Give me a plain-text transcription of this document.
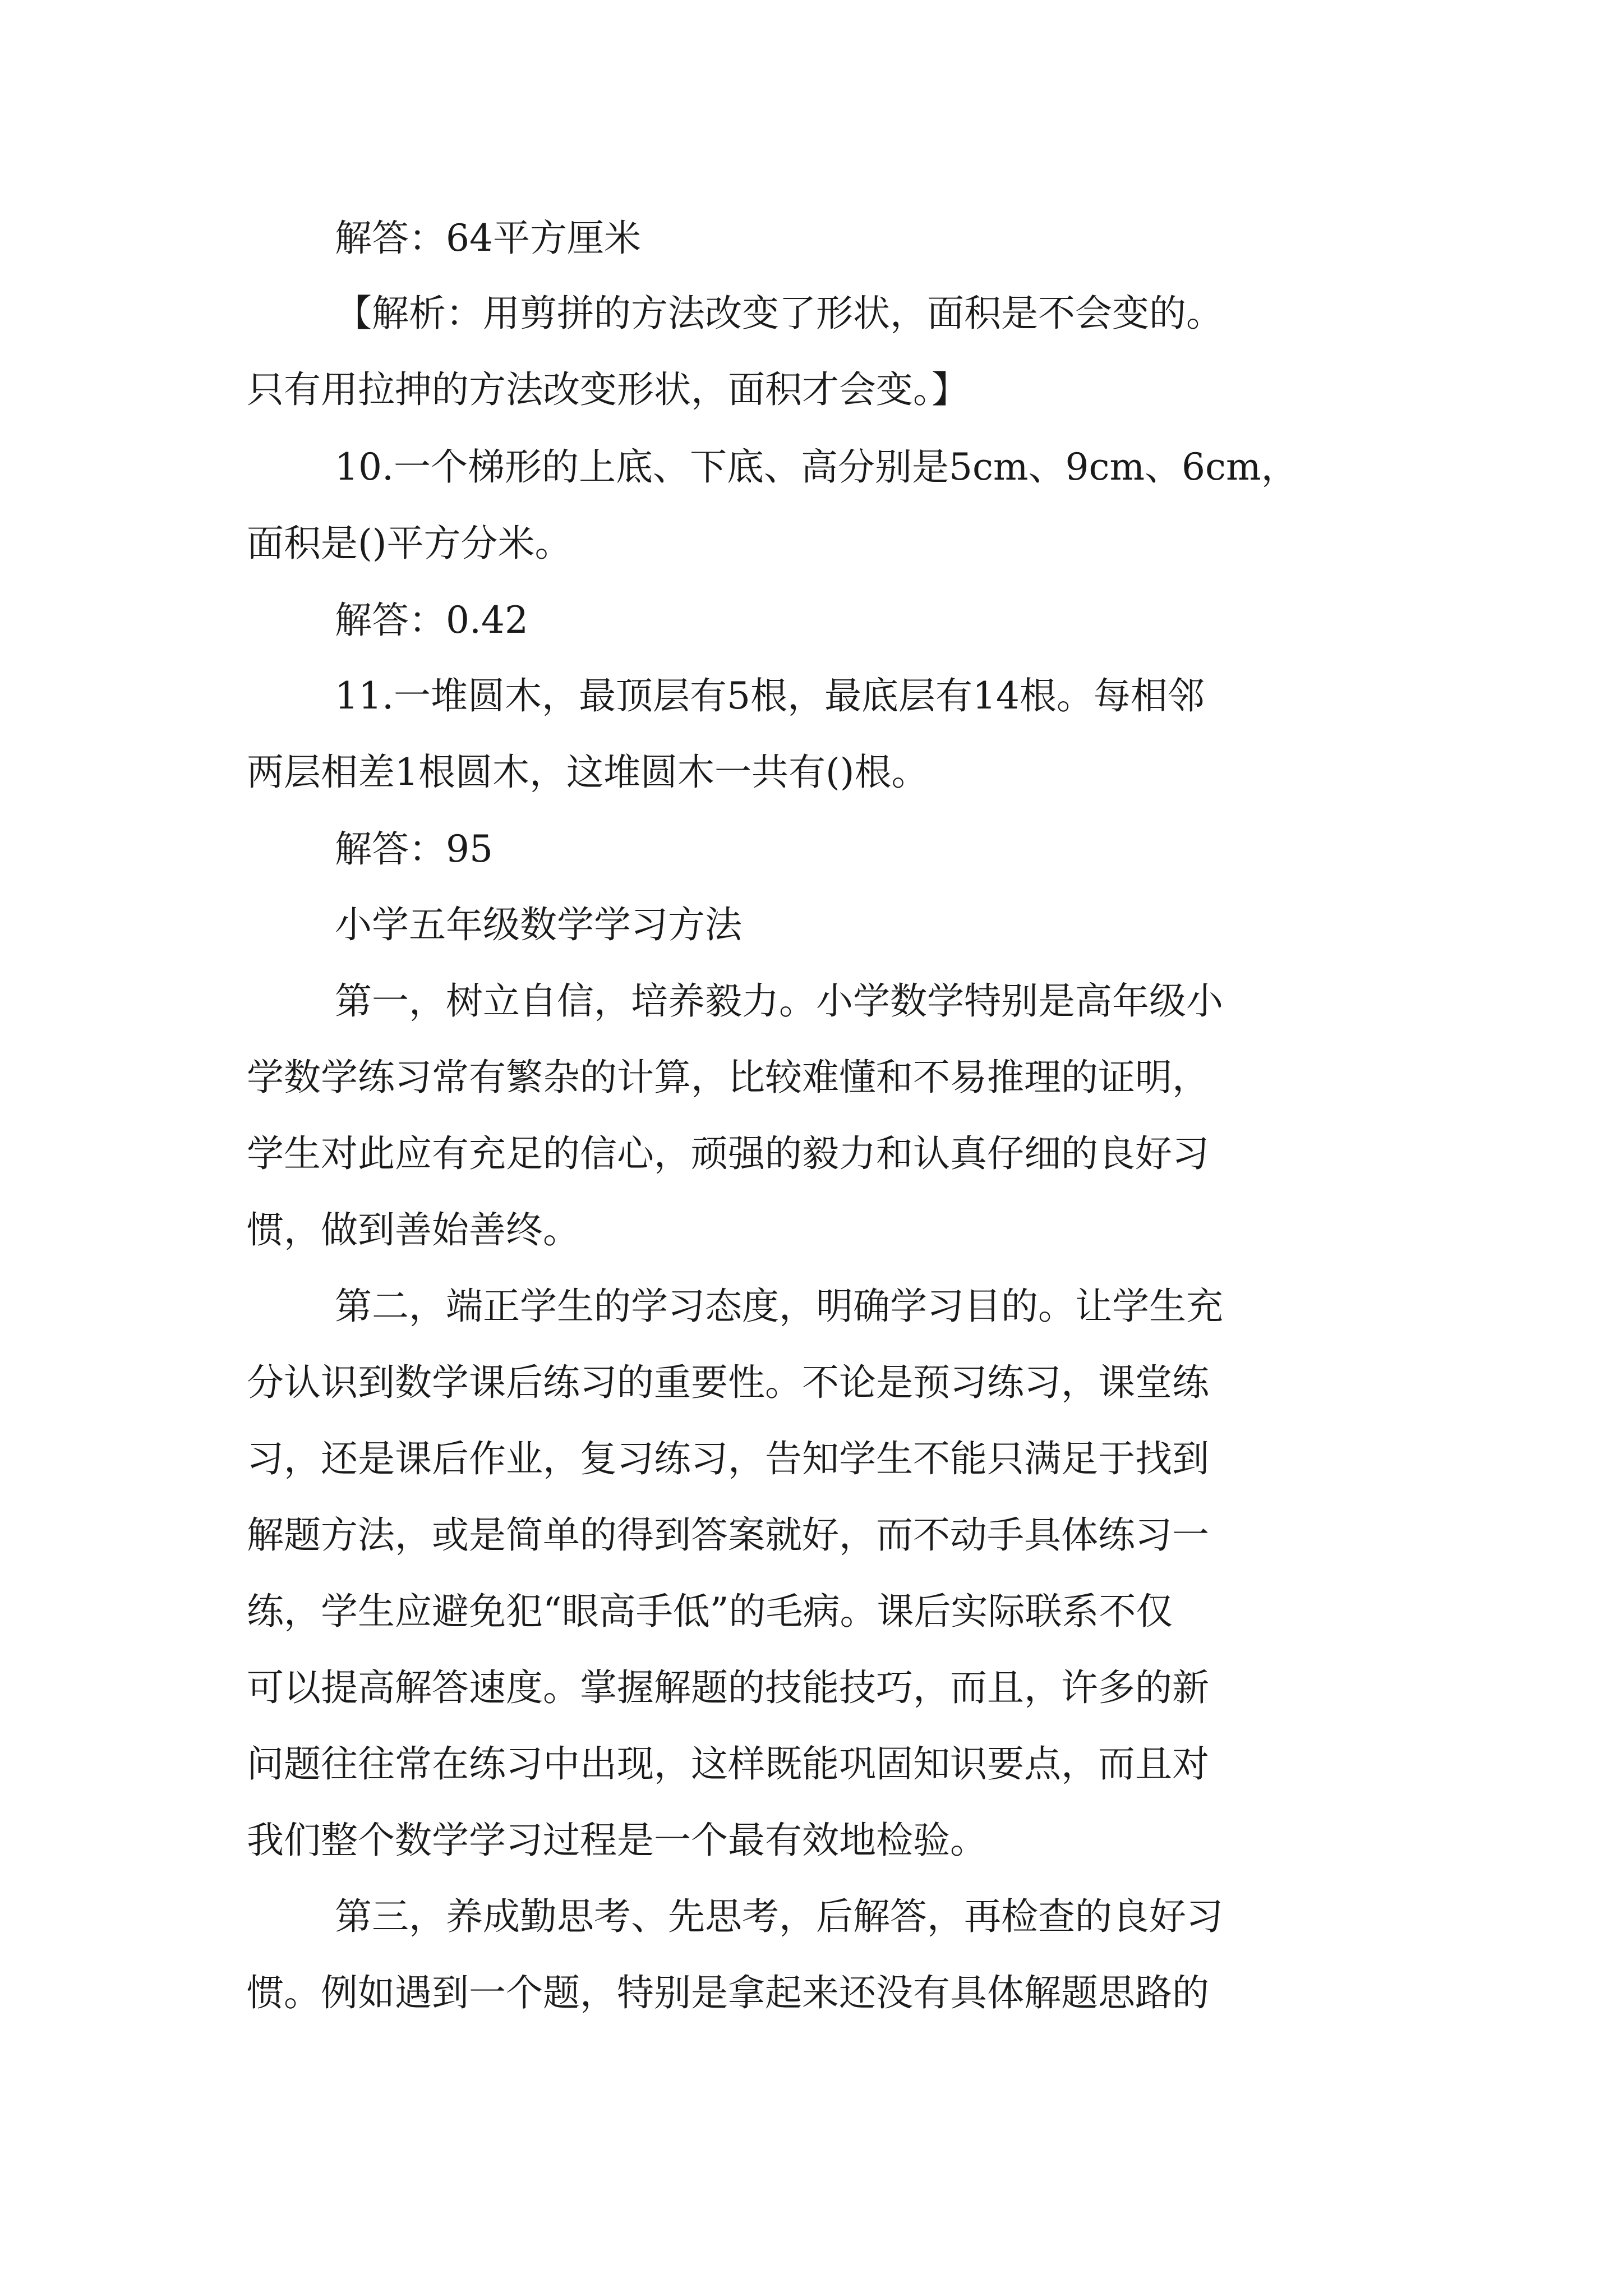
解答：64平方厘米

【解析：用剪拼的方法改变了形状，面积是不会变的。

只有用拉抻的方法改变形状，面积才会变。】

10.一个梯形的上底、下底、高分别是5cm、9cm、6cm，

面积是()平方分米。

解答：0.42

11.一堆圆木，最顶层有5根，最底层有14根。每相邻

两层相差1根圆木，这堆圆木一共有()根。

解答：95

小学五年级数学学习方法

第一，树立自信，培养毅力。小学数学特别是高年级小

学数学练习常有繁杂的计算，比较难懂和不易推理的证明，

学生对此应有充足的信心，顽强的毅力和认真仔细的良好习

惯，做到善始善终。

第二，端正学生的学习态度，明确学习目的。让学生充

分认识到数学课后练习的重要性。不论是预习练习，课堂练

习，还是课后作业，复习练习，告知学生不能只满足于找到

解题方法，或是简单的得到答案就好，而不动手具体练习一

练，学生应避免犯“眼高手低”的毛病。课后实际联系不仅

可以提高解答速度。掌握解题的技能技巧，而且，许多的新

问题往往常在练习中出现，这样既能巩固知识要点，而且对

我们整个数学学习过程是一个最有效地检验。

第三，养成勤思考、先思考，后解答，再检查的良好习

惯。例如遇到一个题，特别是拿起来还没有具体解题思路的
